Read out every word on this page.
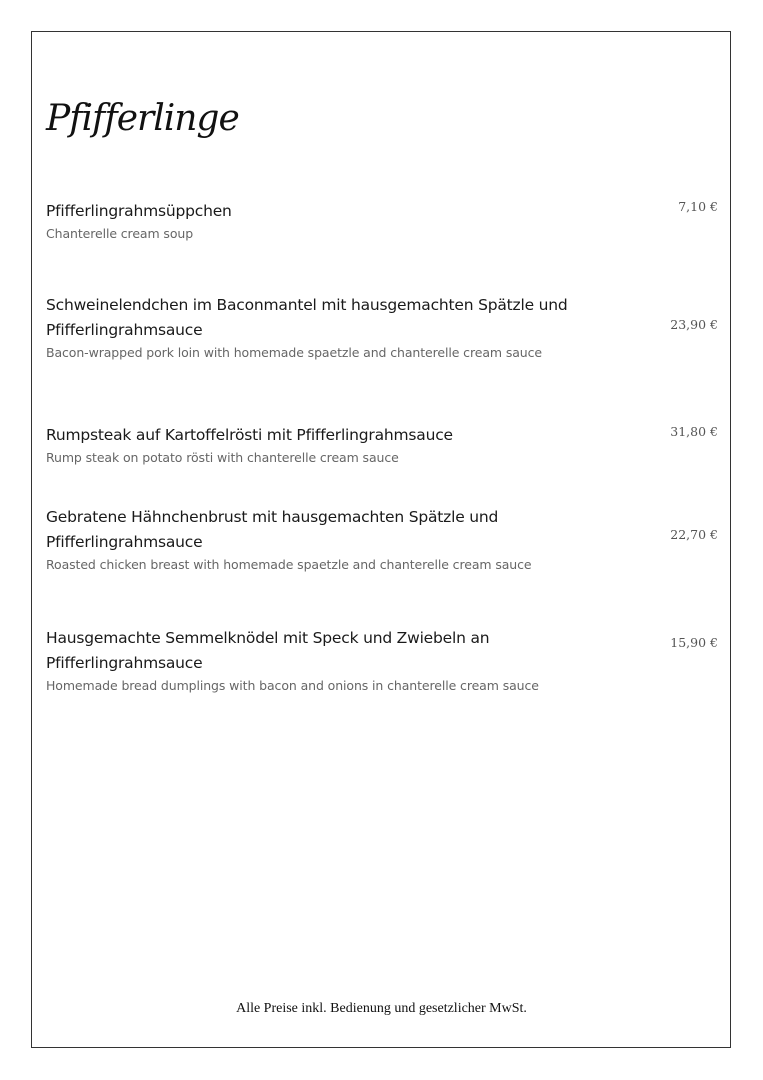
Pfifferlinge
Pfifferlingrahmsüppchen
Chanterelle cream soup
7,10 €
Schweinelendchen im Baconmantel mit hausgemachten Spätzle und Pfifferlingrahmsauce
Bacon-wrapped pork loin with homemade spaetzle and chanterelle cream sauce
23,90 €
Rumpsteak auf Kartoffelrösti mit Pfifferlingrahmsauce
Rump steak on potato rösti with chanterelle cream sauce
31,80 €
Gebratene Hähnchenbrust mit hausgemachten Spätzle und Pfifferlingrahmsauce
Roasted chicken breast with homemade spaetzle and chanterelle cream sauce
22,70 €
Hausgemachte Semmelknödel mit Speck und Zwiebeln an Pfifferlingrahmsauce
Homemade bread dumplings with bacon and onions in chanterelle cream sauce
15,90 €
Alle Preise inkl. Bedienung und gesetzlicher MwSt.
